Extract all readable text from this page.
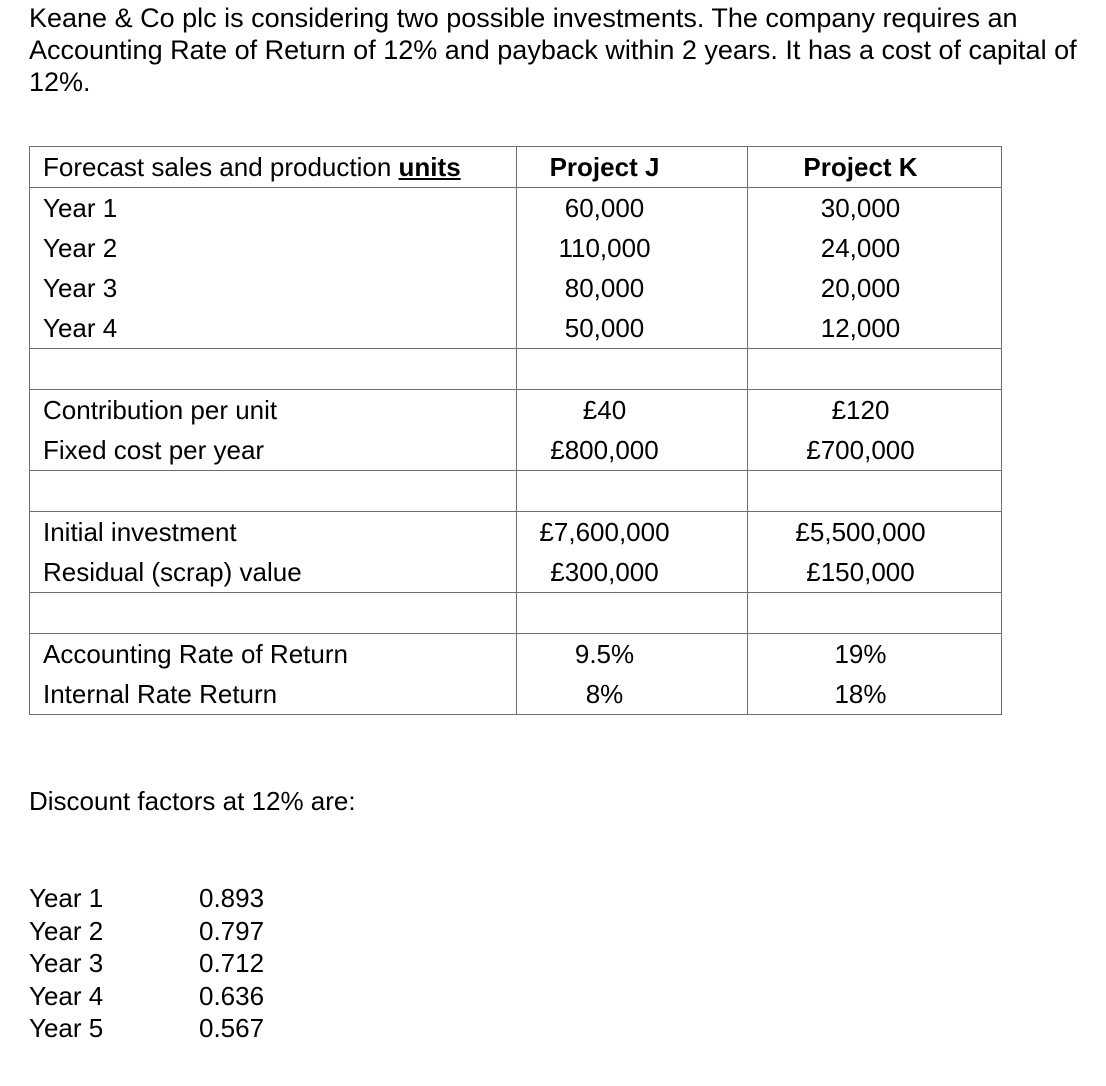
Keane & Co plc is considering two possible investments. The company requires an Accounting Rate of Return of 12% and payback within 2 years. It has a cost of capital of 12%.

Forecast sales and production units	Project J	Project K
Year 1	60,000	30,000
Year 2	110,000	24,000
Year 3	80,000	20,000
Year 4	50,000	12,000

Contribution per unit	£40	£120
Fixed cost per year	£800,000	£700,000

Initial investment	£7,600,000	£5,500,000
Residual (scrap) value	£300,000	£150,000

Accounting Rate of Return	9.5%	19%
Internal Rate Return	8%	18%

Discount factors at 12% are:

Year 1	0.893
Year 2	0.797
Year 3	0.712
Year 4	0.636
Year 5	0.567
